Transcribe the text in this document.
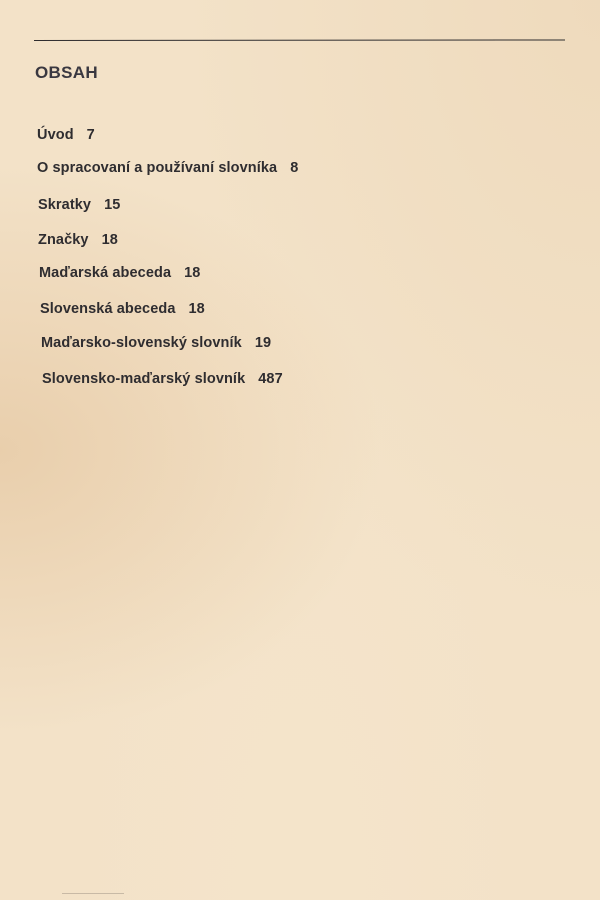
OBSAH
Úvod 7
O spracovaní a používaní slovníka 8
Skratky 15
Značky 18
Maďarská abeceda 18
Slovenská abeceda 18
Maďarsko-slovenský slovník 19
Slovensko-maďarský slovník 487
